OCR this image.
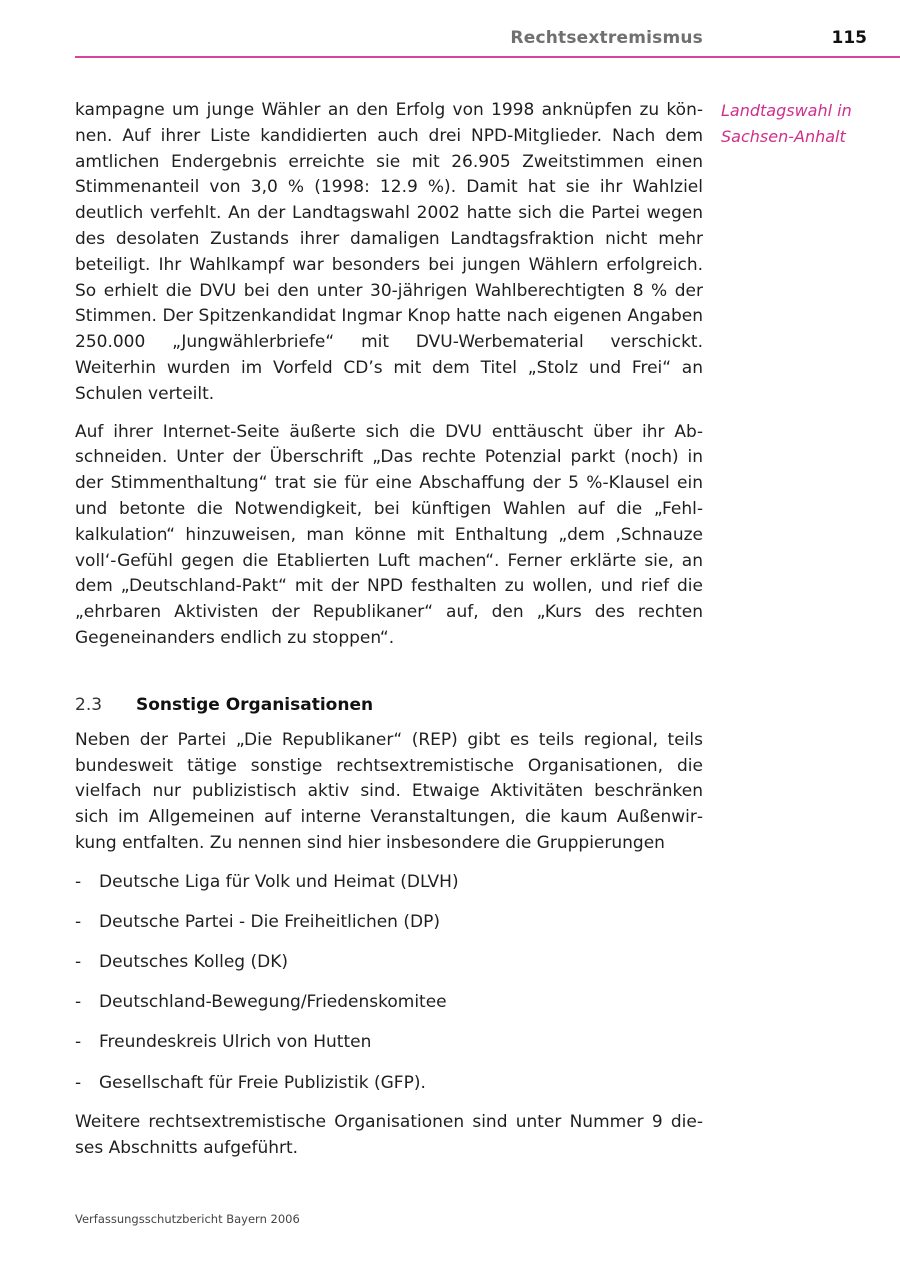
Rechtsextremismus	115
Landtagswahl in
Sachsen-Anhalt

kampagne um junge Wähler an den Erfolg von 1998 anknüpfen zu können. Auf ihrer Liste kandidierten auch drei NPD-Mitglieder. Nach dem amtlichen Endergebnis erreichte sie mit 26.905 Zweitstimmen einen Stimmenanteil von 3,0 % (1998: 12.9 %). Damit hat sie ihr Wahlziel deutlich verfehlt. An der Landtagswahl 2002 hatte sich die Partei wegen des desolaten Zustands ihrer damaligen Landtagsfraktion nicht mehr beteiligt. Ihr Wahlkampf war besonders bei jungen Wählern erfolgreich. So erhielt die DVU bei den unter 30-jährigen Wahlberechtigten 8 % der Stimmen. Der Spitzenkandidat Ingmar Knop hatte nach eigenen Angaben 250.000 „Jungwählerbriefe“ mit DVU-Werbematerial verschickt. Weiterhin wurden im Vorfeld CD’s mit dem Titel „Stolz und Frei“ an Schulen verteilt.

Auf ihrer Internet-Seite äußerte sich die DVU enttäuscht über ihr Abschneiden. Unter der Überschrift „Das rechte Potenzial parkt (noch) in der Stimmenthaltung“ trat sie für eine Abschaffung der 5 %-Klausel ein und betonte die Notwendigkeit, bei künftigen Wahlen auf die „Fehlkalkulation“ hinzuweisen, man könne mit Enthaltung „dem ‚Schnauze voll‘-Gefühl gegen die Etablierten Luft machen“. Ferner erklärte sie, an dem „Deutschland-Pakt“ mit der NPD festhalten zu wollen, und rief die „ehrbaren Aktivisten der Republikaner“ auf, den „Kurs des rechten Gegeneinanders endlich zu stoppen“.

2.3 Sonstige Organisationen

Neben der Partei „Die Republikaner“ (REP) gibt es teils regional, teils bundesweit tätige sonstige rechtsextremistische Organisationen, die vielfach nur publizistisch aktiv sind. Etwaige Aktivitäten beschränken sich im Allgemeinen auf interne Veranstaltungen, die kaum Außenwirkung entfalten. Zu nennen sind hier insbesondere die Gruppierungen

- Deutsche Liga für Volk und Heimat (DLVH)
- Deutsche Partei - Die Freiheitlichen (DP)
- Deutsches Kolleg (DK)
- Deutschland-Bewegung/Friedenskomitee
- Freundeskreis Ulrich von Hutten
- Gesellschaft für Freie Publizistik (GFP).

Weitere rechtsextremistische Organisationen sind unter Nummer 9 dieses Abschnitts aufgeführt.

Verfassungsschutzbericht Bayern 2006
